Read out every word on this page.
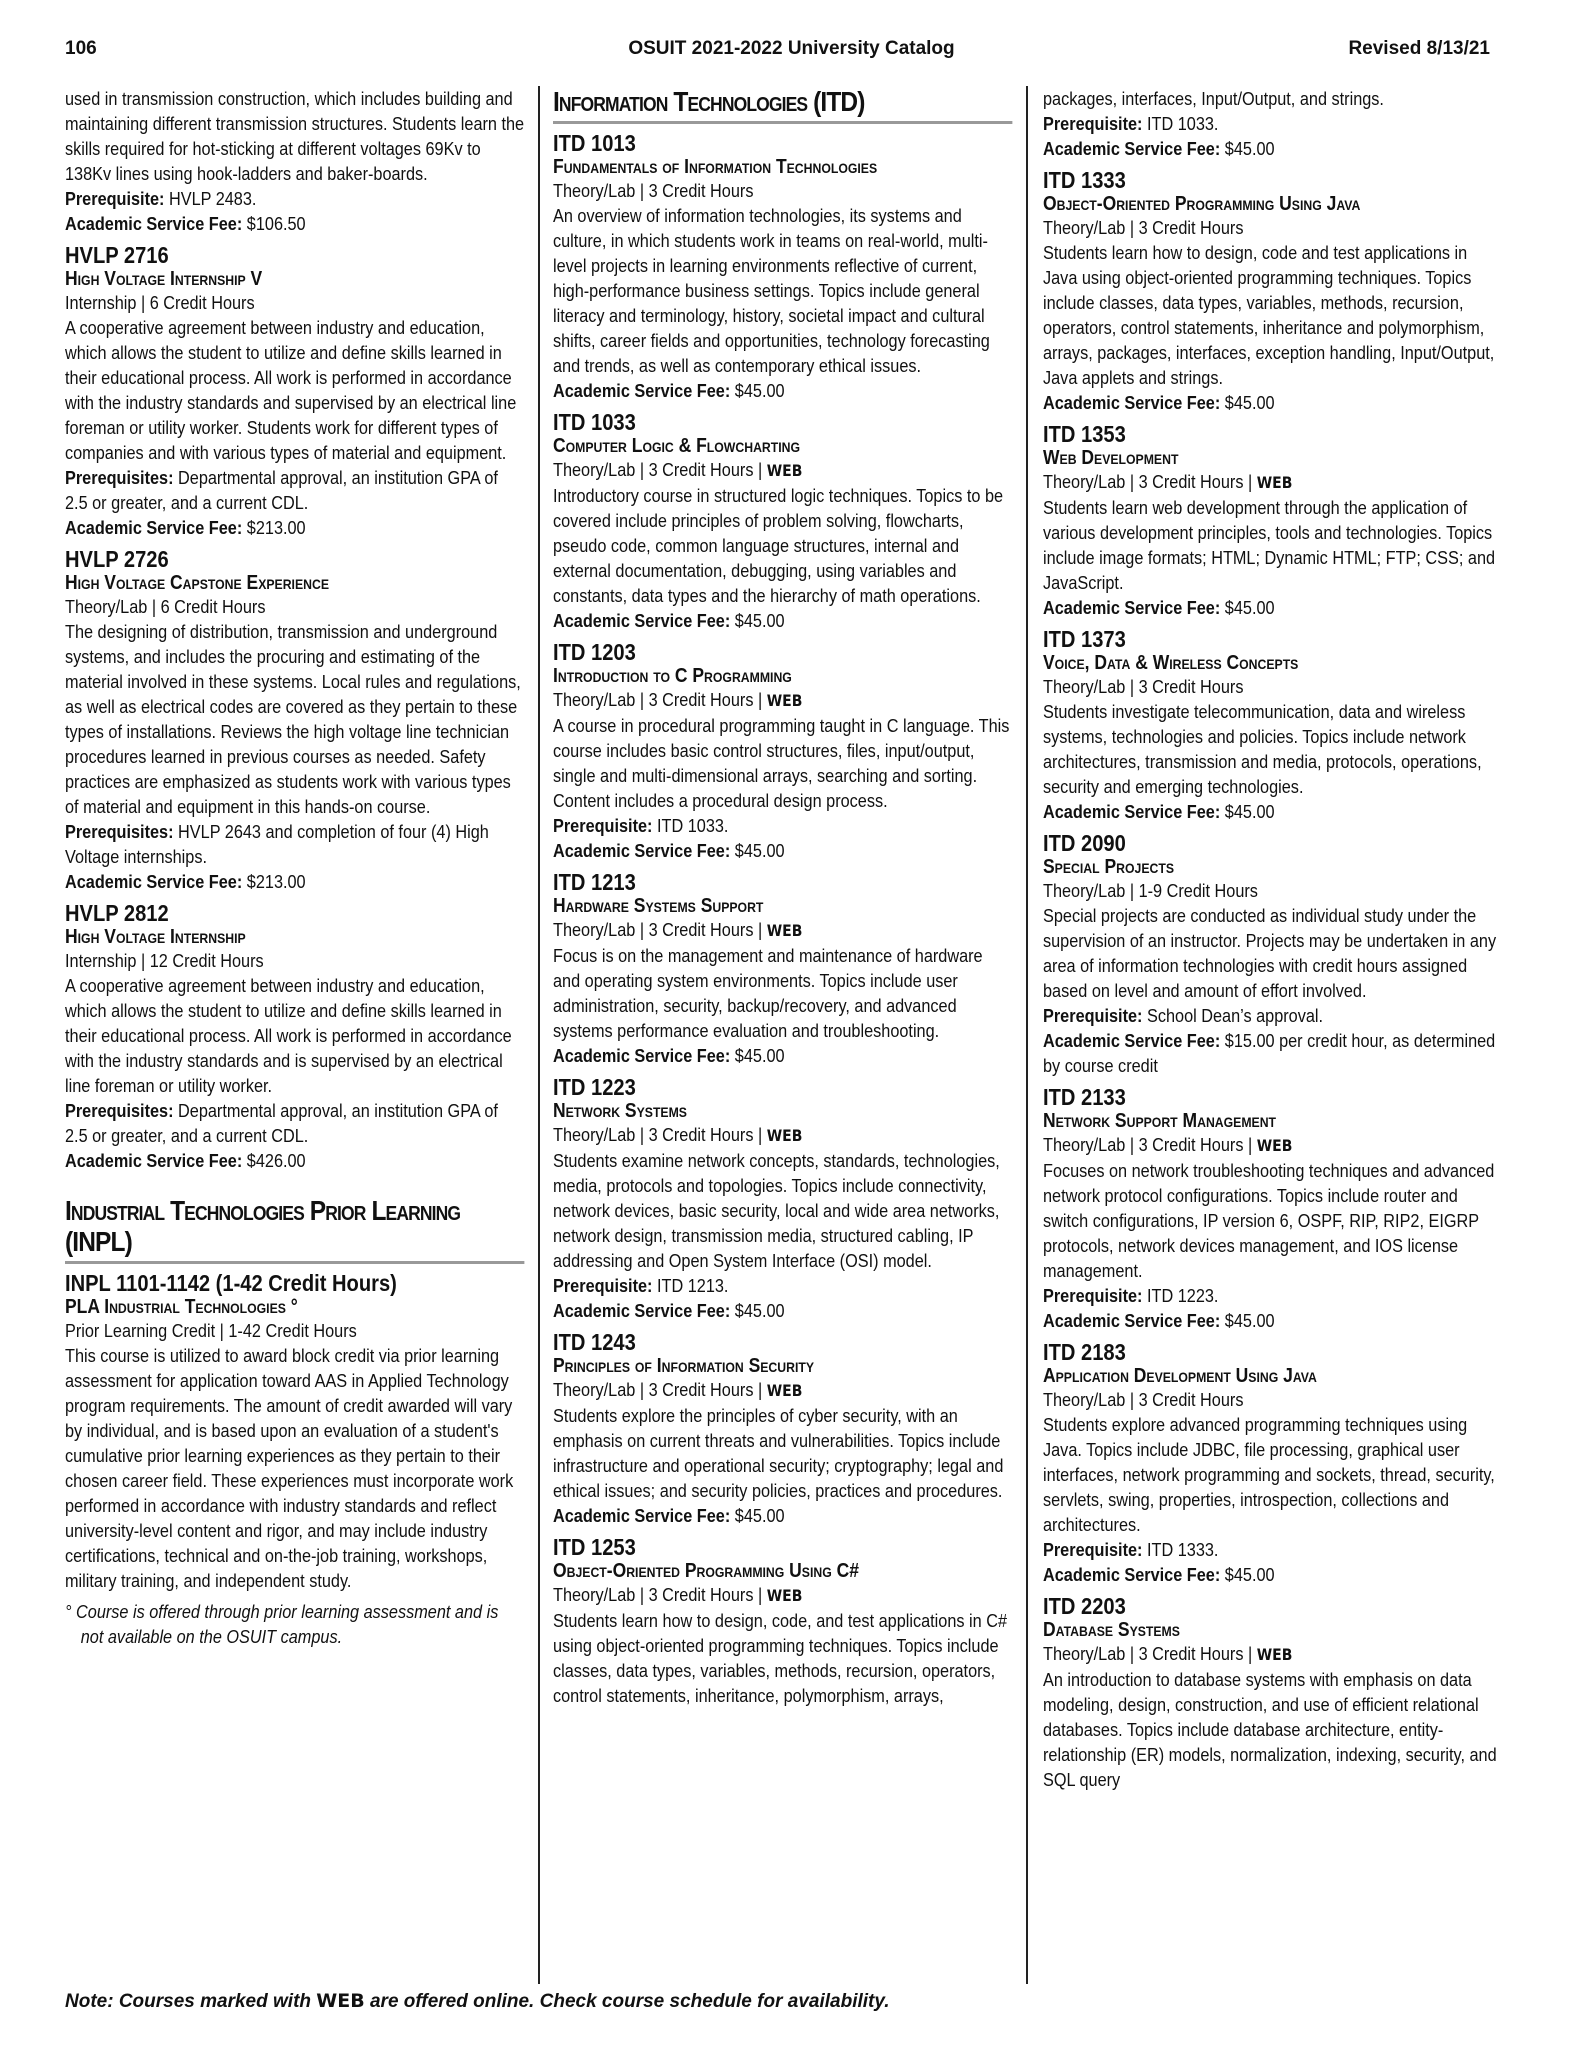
106	OSUIT 2021-2022 University Catalog	Revised 8/13/21
used in transmission construction, which includes building and maintaining different transmission structures. Students learn the skills required for hot-sticking at different voltages 69Kv to 138Kv lines using hook-ladders and baker-boards.
Prerequisite: HVLP 2483.
Academic Service Fee: $106.50
HVLP 2716
High Voltage Internship V
Internship | 6 Credit Hours
A cooperative agreement between industry and education, which allows the student to utilize and define skills learned in their educational process. All work is performed in accordance with the industry standards and supervised by an electrical line foreman or utility worker. Students work for different types of companies and with various types of material and equipment.
Prerequisites: Departmental approval, an institution GPA of 2.5 or greater, and a current CDL.
Academic Service Fee: $213.00
HVLP 2726
High Voltage Capstone Experience
Theory/Lab | 6 Credit Hours
The designing of distribution, transmission and underground systems, and includes the procuring and estimating of the material involved in these systems. Local rules and regulations, as well as electrical codes are covered as they pertain to these types of installations. Reviews the high voltage line technician procedures learned in previous courses as needed. Safety practices are emphasized as students work with various types of material and equipment in this hands-on course.
Prerequisites: HVLP 2643 and completion of four (4) High Voltage internships.
Academic Service Fee: $213.00
HVLP 2812
High Voltage Internship
Internship | 12 Credit Hours
A cooperative agreement between industry and education, which allows the student to utilize and define skills learned in their educational process. All work is performed in accordance with the industry standards and is supervised by an electrical line foreman or utility worker.
Prerequisites: Departmental approval, an institution GPA of 2.5 or greater, and a current CDL.
Academic Service Fee: $426.00
Industrial Technologies Prior Learning (INPL)
INPL 1101-1142 (1-42 Credit Hours)
PLA Industrial Technologies °
Prior Learning Credit | 1-42 Credit Hours
This course is utilized to award block credit via prior learning assessment for application toward AAS in Applied Technology program requirements. The amount of credit awarded will vary by individual, and is based upon an evaluation of a student's cumulative prior learning experiences as they pertain to their chosen career field. These experiences must incorporate work performed in accordance with industry standards and reflect university-level content and rigor, and may include industry certifications, technical and on-the-job training, workshops, military training, and independent study.
° Course is offered through prior learning assessment and is not available on the OSUIT campus.
Information Technologies (ITD)
ITD 1013
Fundamentals of Information Technologies
Theory/Lab | 3 Credit Hours
An overview of information technologies, its systems and culture, in which students work in teams on real-world, multi-level projects in learning environments reflective of current, high-performance business settings. Topics include general literacy and terminology, history, societal impact and cultural shifts, career fields and opportunities, technology forecasting and trends, as well as contemporary ethical issues.
Academic Service Fee: $45.00
ITD 1033
Computer Logic & Flowcharting
Theory/Lab | 3 Credit Hours | WEB
Introductory course in structured logic techniques. Topics to be covered include principles of problem solving, flowcharts, pseudo code, common language structures, internal and external documentation, debugging, using variables and constants, data types and the hierarchy of math operations.
Academic Service Fee: $45.00
ITD 1203
Introduction to C Programming
Theory/Lab | 3 Credit Hours | WEB
A course in procedural programming taught in C language. This course includes basic control structures, files, input/output, single and multi-dimensional arrays, searching and sorting. Content includes a procedural design process.
Prerequisite: ITD 1033.
Academic Service Fee: $45.00
ITD 1213
Hardware Systems Support
Theory/Lab | 3 Credit Hours | WEB
Focus is on the management and maintenance of hardware and operating system environments. Topics include user administration, security, backup/recovery, and advanced systems performance evaluation and troubleshooting.
Academic Service Fee: $45.00
ITD 1223
Network Systems
Theory/Lab | 3 Credit Hours | WEB
Students examine network concepts, standards, technologies, media, protocols and topologies. Topics include connectivity, network devices, basic security, local and wide area networks, network design, transmission media, structured cabling, IP addressing and Open System Interface (OSI) model.
Prerequisite: ITD 1213.
Academic Service Fee: $45.00
ITD 1243
Principles of Information Security
Theory/Lab | 3 Credit Hours | WEB
Students explore the principles of cyber security, with an emphasis on current threats and vulnerabilities. Topics include infrastructure and operational security; cryptography; legal and ethical issues; and security policies, practices and procedures.
Academic Service Fee: $45.00
ITD 1253
Object-Oriented Programming Using C#
Theory/Lab | 3 Credit Hours | WEB
Students learn how to design, code, and test applications in C# using object-oriented programming techniques. Topics include classes, data types, variables, methods, recursion, operators, control statements, inheritance, polymorphism, arrays,
packages, interfaces, Input/Output, and strings.
Prerequisite: ITD 1033.
Academic Service Fee: $45.00
ITD 1333
Object-Oriented Programming Using Java
Theory/Lab | 3 Credit Hours
Students learn how to design, code and test applications in Java using object-oriented programming techniques. Topics include classes, data types, variables, methods, recursion, operators, control statements, inheritance and polymorphism, arrays, packages, interfaces, exception handling, Input/Output, Java applets and strings.
Academic Service Fee: $45.00
ITD 1353
Web Development
Theory/Lab | 3 Credit Hours | WEB
Students learn web development through the application of various development principles, tools and technologies. Topics include image formats; HTML; Dynamic HTML; FTP; CSS; and JavaScript.
Academic Service Fee: $45.00
ITD 1373
Voice, Data & Wireless Concepts
Theory/Lab | 3 Credit Hours
Students investigate telecommunication, data and wireless systems, technologies and policies. Topics include network architectures, transmission and media, protocols, operations, security and emerging technologies.
Academic Service Fee: $45.00
ITD 2090
Special Projects
Theory/Lab | 1-9 Credit Hours
Special projects are conducted as individual study under the supervision of an instructor. Projects may be undertaken in any area of information technologies with credit hours assigned based on level and amount of effort involved.
Prerequisite: School Dean’s approval.
Academic Service Fee: $15.00 per credit hour, as determined by course credit
ITD 2133
Network Support Management
Theory/Lab | 3 Credit Hours | WEB
Focuses on network troubleshooting techniques and advanced network protocol configurations. Topics include router and switch configurations, IP version 6, OSPF, RIP, RIP2, EIGRP protocols, network devices management, and IOS license management.
Prerequisite: ITD 1223.
Academic Service Fee: $45.00
ITD 2183
Application Development Using Java
Theory/Lab | 3 Credit Hours
Students explore advanced programming techniques using Java. Topics include JDBC, file processing, graphical user interfaces, network programming and sockets, thread, security, servlets, swing, properties, introspection, collections and architectures.
Prerequisite: ITD 1333.
Academic Service Fee: $45.00
ITD 2203
Database Systems
Theory/Lab | 3 Credit Hours | WEB
An introduction to database systems with emphasis on data modeling, design, construction, and use of efficient relational databases. Topics include database architecture, entity-relationship (ER) models, normalization, indexing, security, and SQL query
Note: Courses marked with WEB are offered online. Check course schedule for availability.
